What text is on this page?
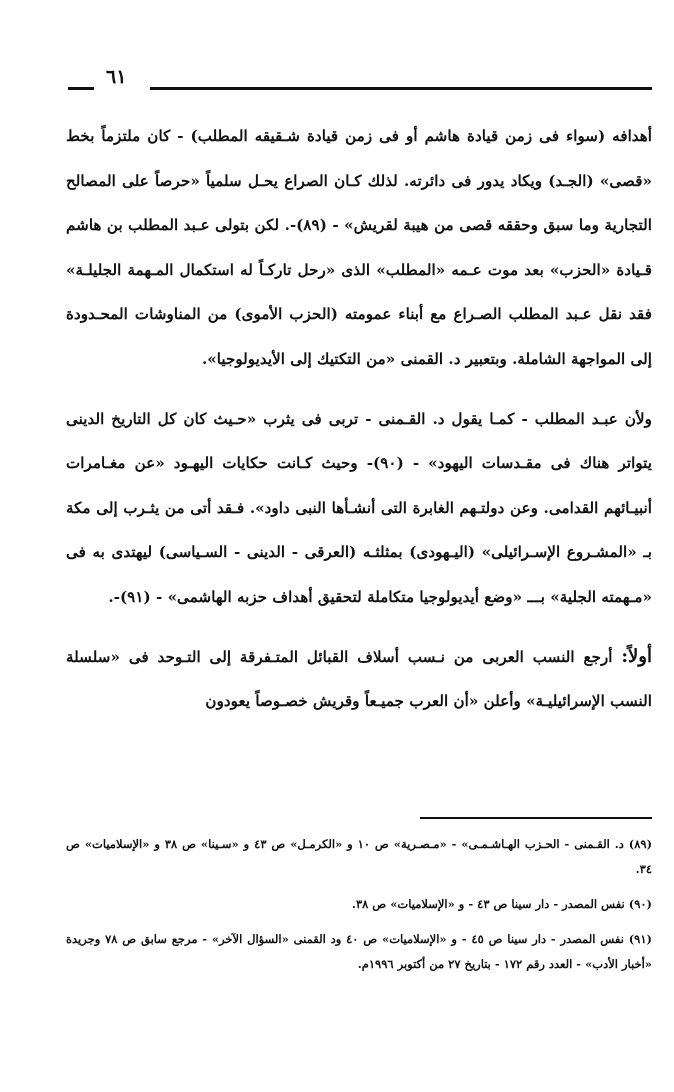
٦١

أهدافه (سواء فى زمن قيادة هاشم أو فى زمن قيادة شـقيقه المطلب) - كان ملتزماً بخط «قصى» (الجـد) ويكاد يدور فى دائرته. لذلك كـان الصراع يحـل سلمياً «حرصاً على المصالح التجارية وما سبق وحققه قصى من هيبة لقريش» - (٨٩)-. لكن بتولى عـبد المطلب بن هاشم قـيادة «الحزب» بعد موت عـمه «المطلب» الذى «رحل تاركـاً له استكمال المـهمة الجليلـة» فقد نقل عـبد المطلب الصـراع مع أبناء عمومته (الحزب الأموى) من المناوشات المحـدودة إلى المواجهة الشاملة. وبتعبير د. القمنى «من التكتيك إلى الأيديولوجيا».

ولأن عبـد المطلب - كمـا يقول د. القـمنى - تربى فى يثرب «حـيث كان كل التاريخ الدينى يتواتر هناك فى مقـدسات اليهود» - (٩٠)- وحيث كـانت حكايات اليهـود «عن مغـامرات أنبيـائهم القدامى. وعن دولتـهم الغابرة التى أنشـأها النبى داود». فـقد أتى من يثـرب إلى مكة بـ «المشـروع الإسـرائيلى» (اليـهودى) بمثلثـه (العرقى - الدينى - السـياسى) ليهتدى به فى «مـهمته الجلية» بـــ «وضع أيديولوجيا متكاملة لتحقيق أهداف حزبه الهاشمى» - (٩١)-.

أولاً: أرجع النسب العربى من نـسب أسلاف القبائل المتـفرقة إلى التـوحد فى «سلسلة النسب الإسرائيليـة» وأعلن «أن العرب جميـعاً وقريش خصـوصاً يعودون

(٨٩) د. القـمنى - الحـزب الهـاشـمـى» - «مـصـرية» ص ١٠ و «الكرمـل» ص ٤٣ و «سـينا» ص ٣٨ و «الإسلاميات» ص ٣٤.

(٩٠) نفس المصدر - دار سينا ص ٤٣ - و «الإسلاميات» ص ٣٨.

(٩١) نفس المصدر - دار سينا ص ٤٥ - و «الإسلاميات» ص ٤٠ ود القمنى «السؤال الآخر» - مرجع سابق ص ٧٨ وجريدة «أخبار الأدب» - العدد رقم ١٧٢ - بتاريخ ٢٧ من أكتوبر ١٩٩٦م.
